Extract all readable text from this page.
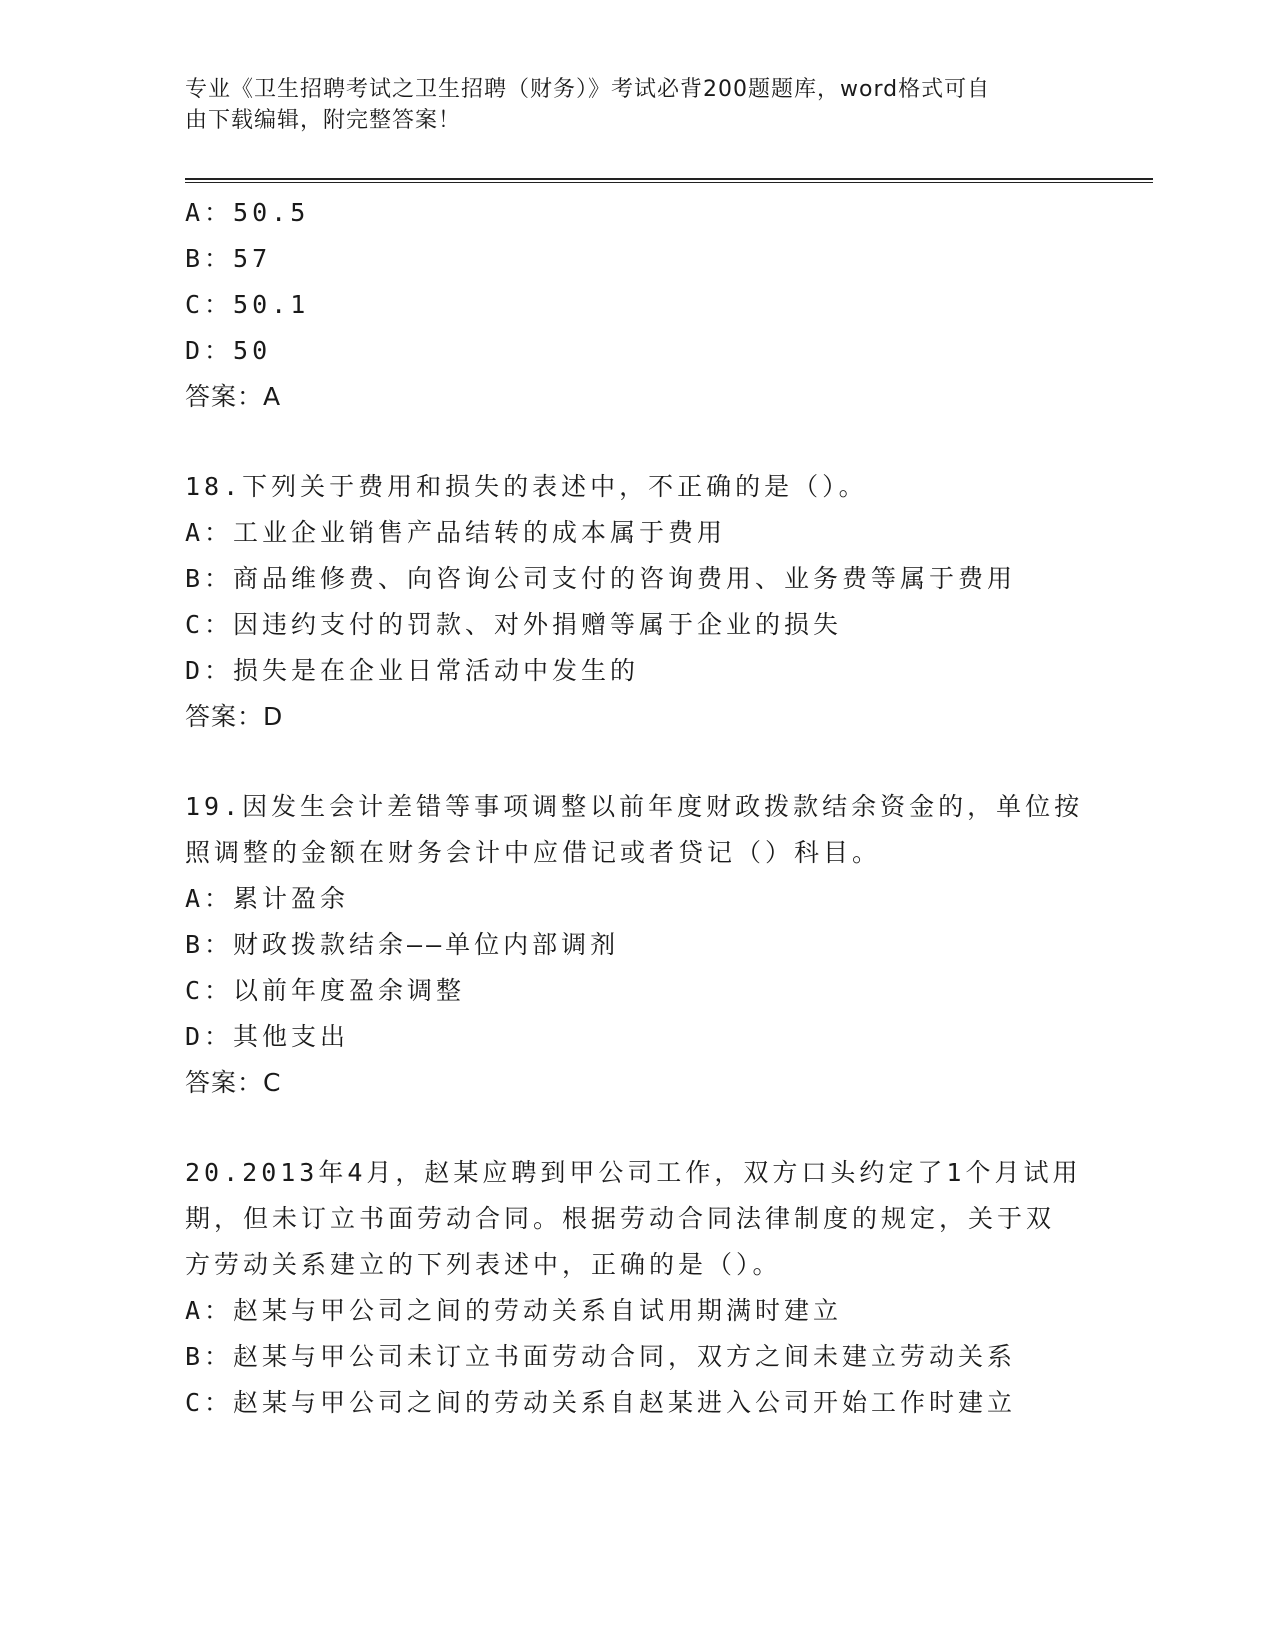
专业《卫生招聘考试之卫生招聘（财务）》考试必背200题题库，word格式可自
由下载编辑，附完整答案！
A：50.5
B：57
C：50.1
D：50
答案：A
18.下列关于费用和损失的表述中，不正确的是（）。
A：工业企业销售产品结转的成本属于费用
B：商品维修费、向咨询公司支付的咨询费用、业务费等属于费用
C：因违约支付的罚款、对外捐赠等属于企业的损失
D：损失是在企业日常活动中发生的
答案：D
19.因发生会计差错等事项调整以前年度财政拨款结余资金的，单位按
照调整的金额在财务会计中应借记或者贷记（）科目。
A：累计盈余
B：财政拨款结余——单位内部调剂
C：以前年度盈余调整
D：其他支出
答案：C
20.2013年4月，赵某应聘到甲公司工作，双方口头约定了1个月试用
期，但未订立书面劳动合同。根据劳动合同法律制度的规定，关于双
方劳动关系建立的下列表述中，正确的是（）。
A：赵某与甲公司之间的劳动关系自试用期满时建立
B：赵某与甲公司未订立书面劳动合同，双方之间未建立劳动关系
C：赵某与甲公司之间的劳动关系自赵某进入公司开始工作时建立
